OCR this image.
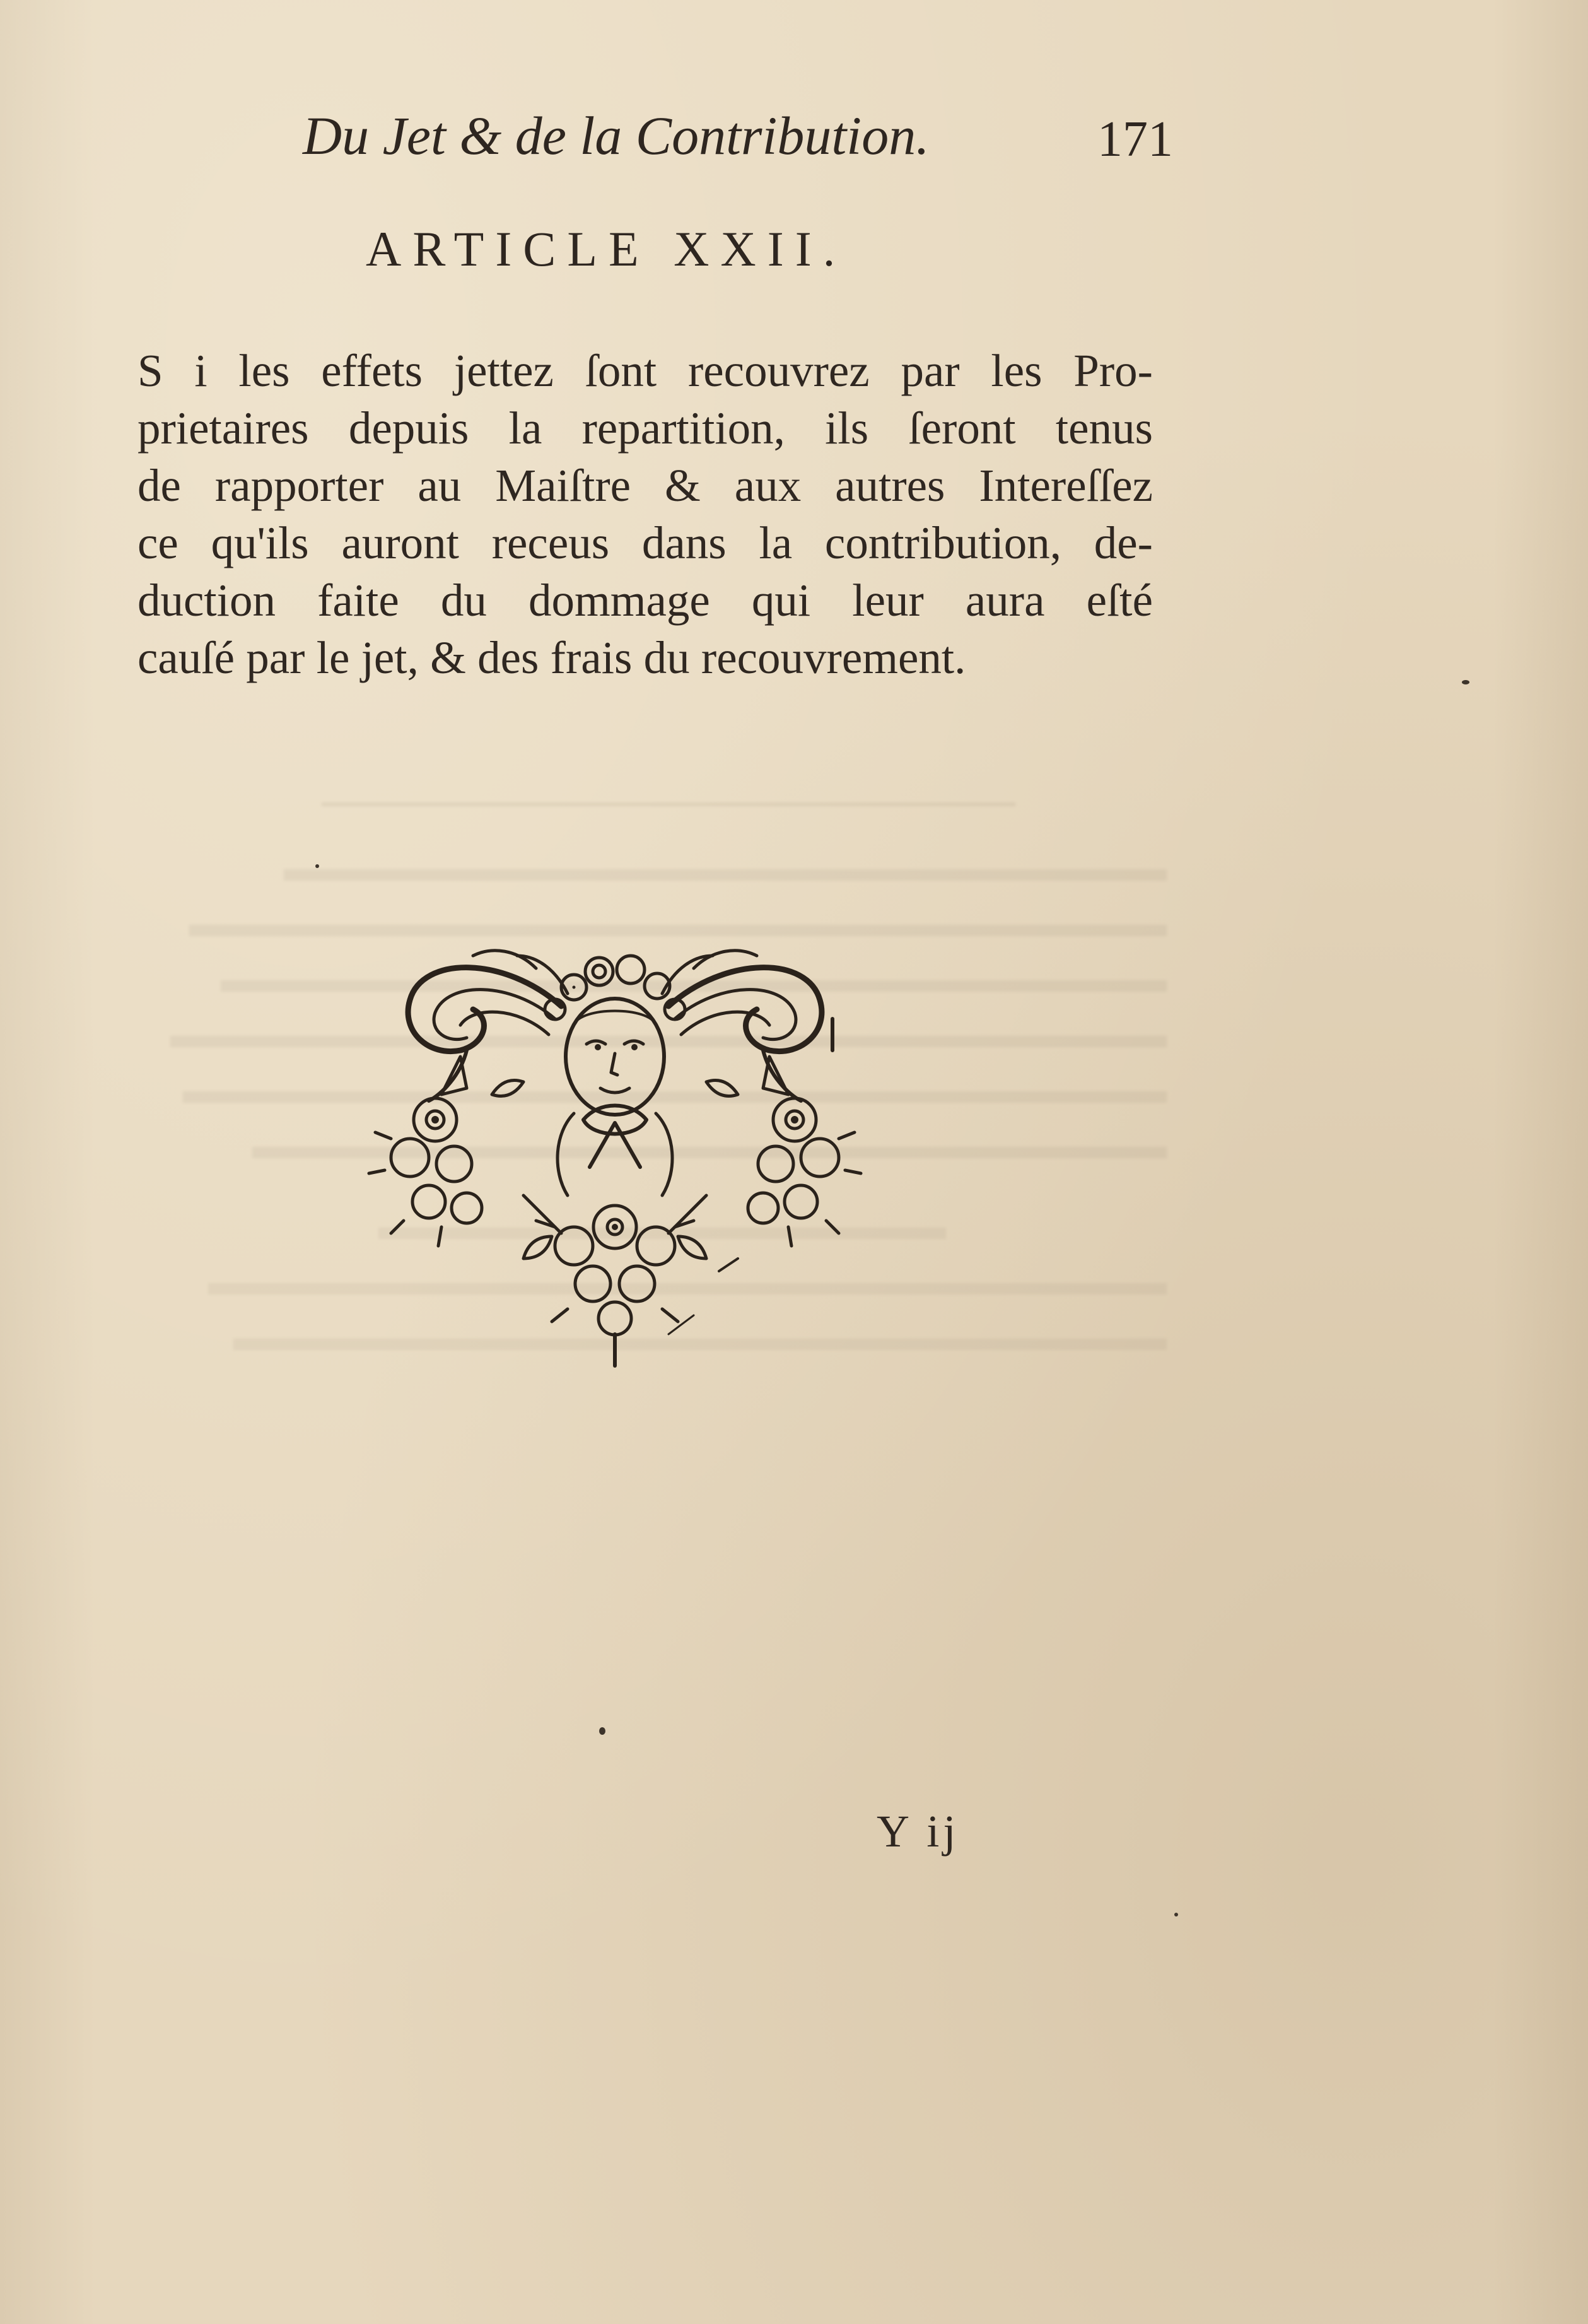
Du Jet & de la Contribution.	171
ARTICLE XXII.
S i les effets jettez ſont recouvrez par les Pro-
prietaires depuis la repartition, ils ſeront tenus
de rapporter au Maiſtre & aux autres Intereſſez
ce qu'ils auront receus dans la contribution, de-
duction faite du dommage qui leur aura eſté
cauſé par le jet, & des frais du recouvrement.
Y ij
